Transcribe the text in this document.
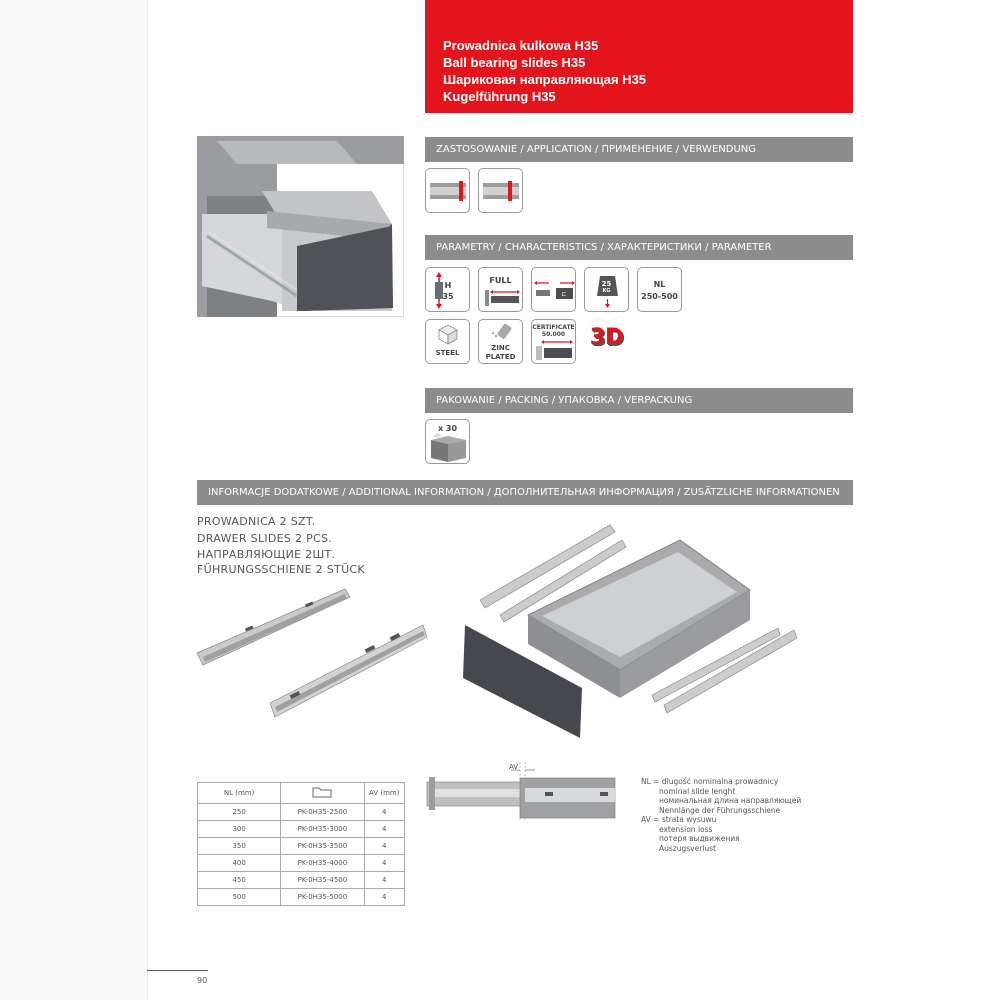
Prowadnica kulkowa H35
Ball bearing slides H35
Шариковая направляющая H35
Kugelführung H35
ZASTOSOWANIE / APPLICATION / ПРИМЕНЕНИЕ / VERWENDUNG
PARAMETRY / CHARACTERISTICS / ХАРАКТЕРИСТИКИ / PARAMETER
H
35
FULL
⊏
25
KG
NL
250-500
STEEL
ZINC
PLATED
CERTIFICATE
50.000	3D
PAKOWANIE / PACKING / УПАКОВКА / VERPACKUNG
x 30
INFORMACJE DODATKOWE / ADDITIONAL INFORMATION / ДОПОЛНИТЕЛЬНАЯ ИНФОРМАЦИЯ / ZUSÄTZLICHE INFORMATIONEN
PROWADNICA 2 SZT.
DRAWER SLIDES 2 PCS.
НАПРАВЛЯЮЩИЕ 2ШТ.
FÜHRUNGSSCHIENE 2 STÜCK
NL (mm)		AV (mm)
250	PK-0H35-2500	4
300	PK-0H35-3000	4
350	PK-0H35-3500	4
400	PK-0H35-4000	4
450	PK-0H35-4500	4
500	PK-0H35-5000	4
AV
NL = długość nominalna prowadnicy
nominal slide lenght
номинальная длина направляющей
Nennlänge der Führungsschiene
AV = strata wysuwu
extension loss
потеря выдвижения
Auszugsverlust
90
